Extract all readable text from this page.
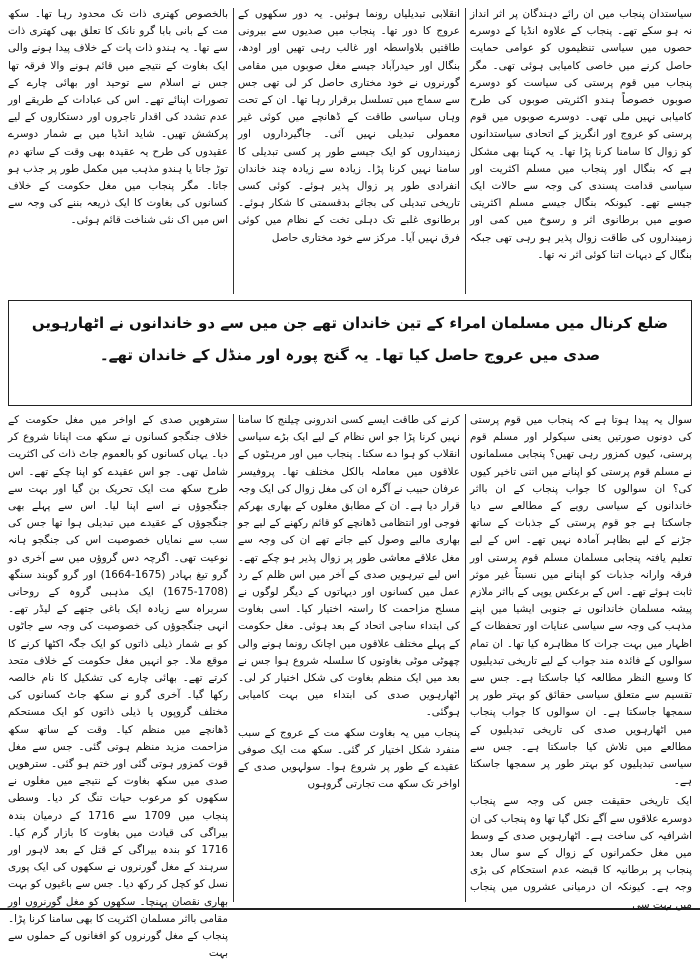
سیاستدان پنجاب میں ان رائے دہندگان پر اثر انداز نہ ہو سکے تھے۔ پنجاب کے علاوہ انڈیا کے دوسرے حصوں میں سیاسی تنظیموں کو عوامی حمایت حاصل کرنے میں خاصی کامیابی ہوئی تھی۔ مگر پنجاب میں قوم پرستی کی سیاست کو دوسرے صوبوں خصوصاً ہندو اکثریتی صوبوں کی طرح کامیابی نہیں ملی تھی۔ دوسرے صوبوں میں قوم پرستی کو عروج اور انگریز کے اتحادی سیاستدانوں کو زوال کا سامنا کرنا پڑا تھا۔ یہ کہنا بھی مشکل ہے کہ بنگال اور پنجاب میں مسلم اکثریت اور سیاسی قدامت پسندی کی وجہ سے حالات ایک جیسے تھے۔ کیونکہ بنگال جیسے مسلم اکثریتی صوبے میں برطانوی اثر و رسوخ میں کمی اور زمینداروں کی طاقت زوال پذیر ہو رہی تھی جبکہ بنگال کے دیہات اتنا کوئی اثر نہ تھا۔

انقلابی تبدیلیاں رونما ہوئیں۔ یہ دور سکھوں کے عروج کا دور تھا۔ پنجاب میں صدیوں سے بیرونی طاقتیں بلاواسطہ اور غالب رہی تھیں اور اودھ، بنگال اور حیدرآباد جیسے مغل صوبوں میں مقامی گورنروں نے خود مختاری حاصل کر لی تھی جس سے سماج میں تسلسل برقرار رہا تھا۔ ان کے تحت وہاں سیاسی طاقت کے ڈھانچے میں کوئی غیر معمولی تبدیلی نہیں آئی۔ جاگیرداروں اور زمینداروں کو ایک جیسے طور پر کسی تبدیلی کا سامنا نہیں کرنا پڑا۔ زیادہ سے زیادہ چند خاندان انفرادی طور پر زوال پذیر ہوئے۔ کوئی کسی تاریخی تبدیلی کی بجائے بدقسمتی کا شکار ہوئے۔ برطانوی غلبے تک دہلی تخت کے نظام میں کوئی فرق نہیں آیا۔ مرکز سے خود مختاری حاصل

بالخصوص کھتری ذات تک محدود رہا تھا۔ سکھ مت کے بانی بابا گرو نانک کا تعلق بھی کھتری ذات سے تھا۔ یہ ہندو ذات پات کے خلاف پیدا ہونے والی ایک بغاوت کے نتیجے میں قائم ہونے والا فرقہ تھا جس نے اسلام سے توحید اور بھائی چارے کے تصورات اپنائے تھے۔ اس کی عبادات کے طریقے اور عدم تشدد کی اقدار تاجروں اور دستکاروں کے لیے پرکشش تھیں۔ شاید انڈیا میں بے شمار دوسرے عقیدوں کی طرح یہ عقیدہ بھی وقت کے ساتھ دم توڑ جاتا یا ہندو مذہب میں مکمل طور پر جذب ہو جاتا۔ مگر پنجاب میں مغل حکومت کے خلاف کسانوں کی بغاوت کا ایک ذریعہ بننے کی وجہ سے اس میں اک نئی شناخت قائم ہوئی۔

ضلع کرنال میں مسلمان امراء کے تین خاندان تھے جن میں سے دو خاندانوں نے اٹھارہویں صدی میں عروج حاصل کیا تھا۔ یہ گنج پورہ اور منڈل کے خاندان تھے۔

سوال یہ پیدا ہوتا ہے کہ پنجاب میں قوم پرستی کی دونوں صورتیں یعنی سیکولر اور مسلم قوم پرستی، کیوں کمزور رہی تھیں؟ پنجابی مسلمانوں نے مسلم قوم پرستی کو اپنانے میں اتنی تاخیر کیوں کی؟ ان سوالوں کا جواب پنجاب کے ان بااثر خاندانوں کے سیاسی رویے کے مطالعے سے دیا جاسکتا ہے جو قوم پرستی کے جذبات کے ساتھ جڑنے کے لیے بظاہر آمادہ نہیں تھے۔ اس کے لیے تعلیم یافتہ پنجابی مسلمان مسلم قوم پرستی اور فرقہ وارانہ جذبات کو اپنانے میں نسبتاً غیر موثر ثابت ہوئے تھے۔ اس کے برعکس یوپی کے بااثر ملازم پیشہ مسلمان خاندانوں نے جنوبی ایشیا میں اپنے مذہب کی وجہ سے سیاسی عنایات اور تحفظات کے اظہار میں بہت جرات کا مظاہرہ کیا تھا۔ ان تمام سوالوں کے فائدہ مند جواب کے لیے تاریخی تبدیلیوں کا وسیع النظر مطالعہ کیا جاسکتا ہے۔ جس سے تقسیم سے متعلق سیاسی حقائق کو بہتر طور پر سمجھا جاسکتا ہے۔ ان سوالوں کا جواب پنجاب میں اٹھارہویں صدی کی تاریخی تبدیلیوں کے مطالعے میں تلاش کیا جاسکتا ہے۔ جس سے سیاسی تبدیلیوں کو بہتر طور پر سمجھا جاسکتا ہے۔

ایک تاریخی حقیقت جس کی وجہ سے پنجاب دوسرے علاقوں سے آگے نکل گیا تھا وہ پنجاب کی ان اشرافیہ کی ساخت ہے۔ اٹھارہویں صدی کے وسط میں مغل حکمرانوں کے زوال کے سو سال بعد پنجاب پر برطانیہ کا قبضہ عدم استحکام کی بڑی وجہ ہے۔ کیونکہ ان درمیانی عشروں میں پنجاب میں بہت سی

کرنے کی طاقت ایسے کسی اندرونی چیلنج کا سامنا نہیں کرنا پڑا جو اس نظام کے لیے ایک بڑے سیاسی انقلاب کو ہوا دے سکتا۔ پنجاب میں اور مرہٹوں کے علاقوں میں معاملہ بالکل مختلف تھا۔ پروفیسر عرفان حبیب نے آگرہ ان کی مغل زوال کی ایک وجہ قرار دیا ہے۔ ان کے مطابق مغلوں کے بھاری بھرکم فوجی اور انتظامی ڈھانچے کو قائم رکھنے کے لیے جو بھاری مالیے وصول کیے جاتے تھے ان کی وجہ سے مغل علاقے معاشی طور پر زوال پذیر ہو چکے تھے۔ اس لیے تیرہویں صدی کے آخر میں اس ظلم کے رد عمل میں کسانوں اور دیہاتوں کے دیگر لوگوں نے مسلح مزاحمت کا راستہ اختیار کیا۔ اسی بغاوت کی ابتداء ساجی اتحاد کے بعد ہوئی۔ مغل حکومت کے پہلے مختلف علاقوں میں اچانک رونما ہونے والی چھوٹی موٹی بغاوتوں کا سلسلہ شروع ہوا جس نے بعد میں ایک منظم بغاوت کی شکل اختیار کر لی۔ اٹھارہویں صدی کی ابتداء میں بہت کامیابی ہوگئی۔

پنجاب میں یہ بغاوت سکھ مت کے عروج کے سبب منفرد شکل اختیار کر گئی۔ سکھ مت ایک صوفی عقیدے کے طور پر شروع ہوا۔ سولہویں صدی کے اواخر تک سکھ مت تجارتی گروہوں

سترھویں صدی کے اواخر میں مغل حکومت کے خلاف جنگجو کسانوں نے سکھ مت اپنانا شروع کر دیا۔ یہاں کسانوں کو بالعموم جاٹ ذات کی اکثریت شامل تھی۔ جو اس عقیدے کو اپنا چکے تھے۔ اس طرح سکھ مت ایک تحریک بن گیا اور بہت سے جنگجوؤں نے اسے اپنا لیا۔ اس سے پہلے بھی جنگجوؤں کے عقیدے میں تبدیلی ہوا تھا جس کی سب سے نمایاں خصوصیت اس کی جنگجو ہانہ نوعیت تھی۔ اگرچہ دس گروؤں میں سے آخری دو گرو تیغ بہادر (1675-1664) اور گرو گوبند سنگھ (1708-1675) ایک مذہبی گروہ کے روحانی سربراہ سے زیادہ ایک باغی جتھے کے لیڈر تھے۔ انہی جنگجوؤں کی خصوصیت کی وجہ سے جاٹوں کو بے شمار ذیلی ذاتوں کو ایک جگہ اکٹھا کرنے کا موقع ملا۔ جو انہیں مغل حکومت کے خلاف متحد کرتے تھے۔ بھائی چارے کی تشکیل کا نام خالصہ رکھا گیا۔ آخری گرو نے سکھ جاٹ کسانوں کی مختلف گروپوں یا ذیلی ذاتوں کو ایک مستحکم ڈھانچے میں منظم کیا۔ وقت کے ساتھ سکھ مزاحمت مزید منظم ہوتی گئی۔ جس سے مغل قوت کمزور ہوتی گئی اور ختم ہو گئی۔ سترھویں صدی میں سکھ بغاوت کے نتیجے میں مغلوں نے سکھوں کو مرعوب حیات تنگ کر دیا۔ وسطی پنجاب میں 1709 سے 1716 کے درمیان بندہ بیراگی کی قیادت میں بغاوت کا بازار گرم کیا۔ 1716 کو بندہ بیراگی کے قتل کے بعد لاہور اور سرہند کے مغل گورنروں نے سکھوں کی ایک پوری نسل کو کچل کر رکھ دیا۔ جس سے باغیوں کو بہت بھاری نقصان پہنچا۔ سکھوں کو مغل گورنروں اور مقامی بااثر مسلمان اکثریت کا بھی سامنا کرنا پڑا۔ پنجاب کے مغل گورنروں کو افغانوں کے حملوں سے بہت
